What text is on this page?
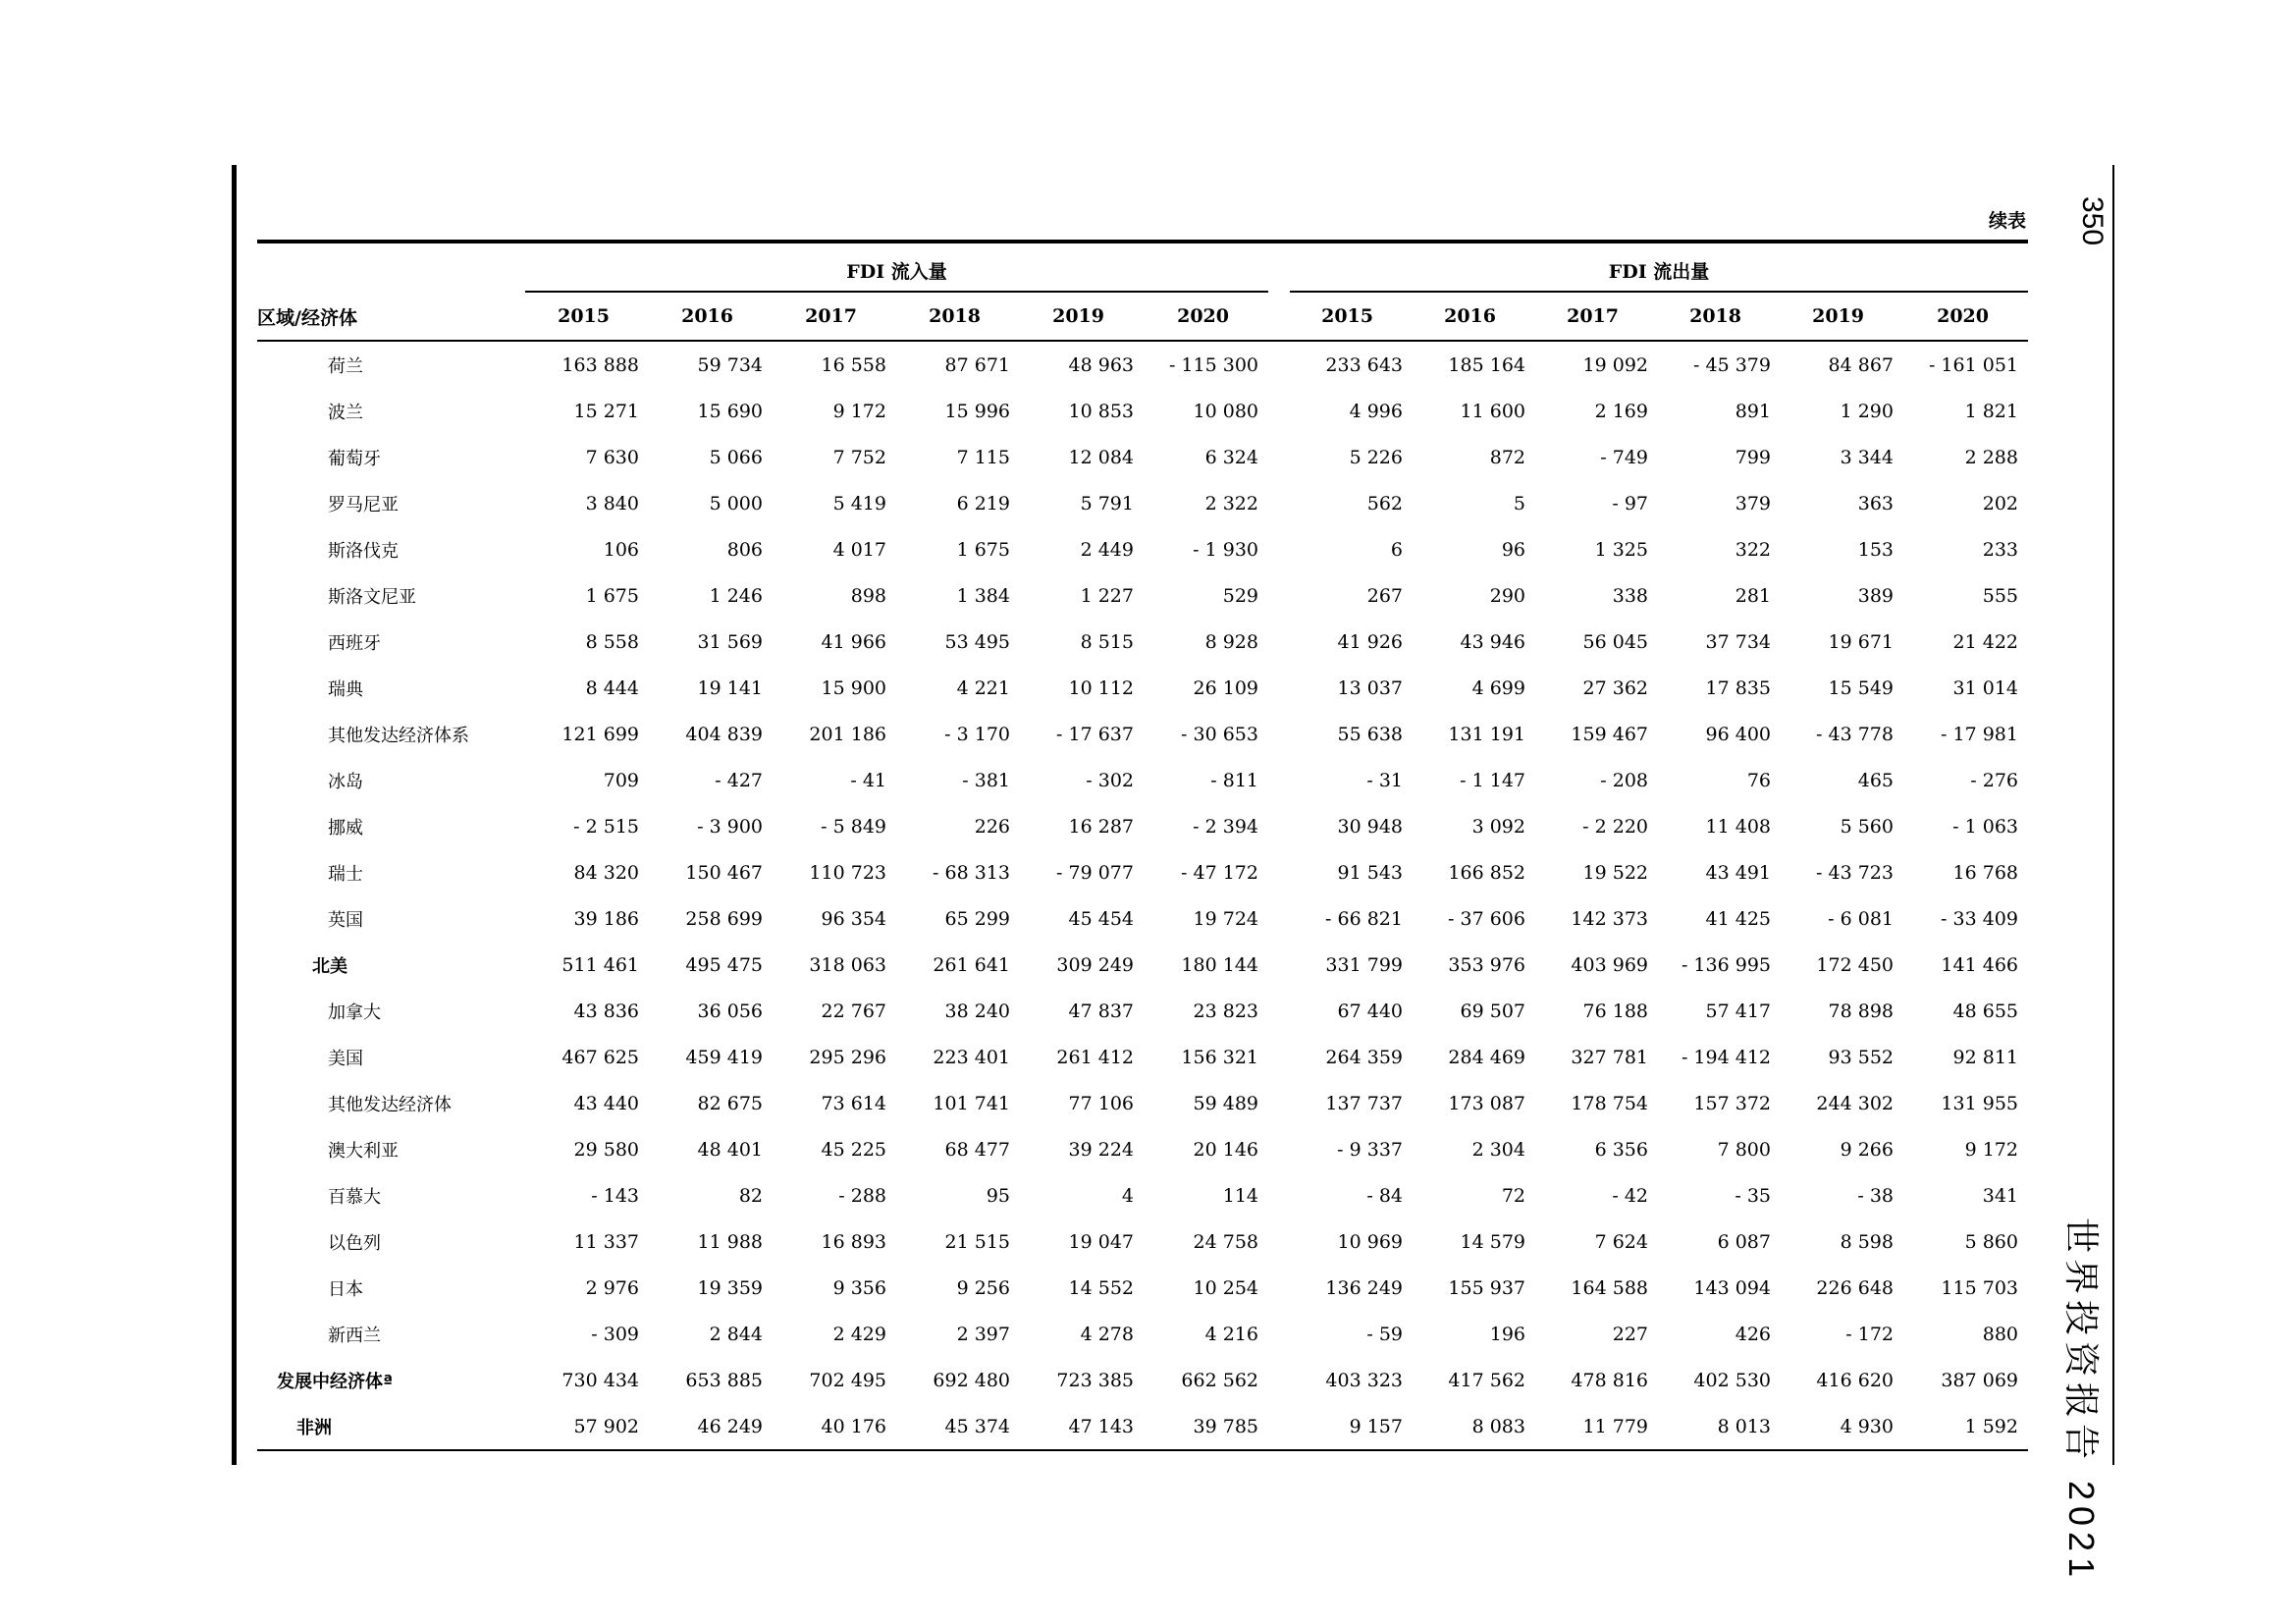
350
世界投资报告 2021
续表
FDI 流入量	FDI 流出量
区域/经济体	2015	2016	2017	2018	2019	2020		2015	2016	2017	2018	2019	2020

荷兰	163 888	59 734	16 558	87 671	48 963	- 115 300		233 643	185 164	19 092	- 45 379	84 867	- 161 051
波兰	15 271	15 690	9 172	15 996	10 853	10 080		4 996	11 600	2 169	891	1 290	1 821
葡萄牙	7 630	5 066	7 752	7 115	12 084	6 324		5 226	872	- 749	799	3 344	2 288
罗马尼亚	3 840	5 000	5 419	6 219	5 791	2 322		562	5	- 97	379	363	202
斯洛伐克	106	806	4 017	1 675	2 449	- 1 930		6	96	1 325	322	153	233
斯洛文尼亚	1 675	1 246	898	1 384	1 227	529		267	290	338	281	389	555
西班牙	8 558	31 569	41 966	53 495	8 515	8 928		41 926	43 946	56 045	37 734	19 671	21 422
瑞典	8 444	19 141	15 900	4 221	10 112	26 109		13 037	4 699	27 362	17 835	15 549	31 014
其他发达经济体系	121 699	404 839	201 186	- 3 170	- 17 637	- 30 653		55 638	131 191	159 467	96 400	- 43 778	- 17 981
冰岛	709	- 427	- 41	- 381	- 302	- 811		- 31	- 1 147	- 208	76	465	- 276
挪威	- 2 515	- 3 900	- 5 849	226	16 287	- 2 394		30 948	3 092	- 2 220	11 408	5 560	- 1 063
瑞士	84 320	150 467	110 723	- 68 313	- 79 077	- 47 172		91 543	166 852	19 522	43 491	- 43 723	16 768
英国	39 186	258 699	96 354	65 299	45 454	19 724		- 66 821	- 37 606	142 373	41 425	- 6 081	- 33 409
北美	511 461	495 475	318 063	261 641	309 249	180 144		331 799	353 976	403 969	- 136 995	172 450	141 466
加拿大	43 836	36 056	22 767	38 240	47 837	23 823		67 440	69 507	76 188	57 417	78 898	48 655
美国	467 625	459 419	295 296	223 401	261 412	156 321		264 359	284 469	327 781	- 194 412	93 552	92 811
其他发达经济体	43 440	82 675	73 614	101 741	77 106	59 489		137 737	173 087	178 754	157 372	244 302	131 955
澳大利亚	29 580	48 401	45 225	68 477	39 224	20 146		- 9 337	2 304	6 356	7 800	9 266	9 172
百慕大	- 143	82	- 288	95	4	114		- 84	72	- 42	- 35	- 38	341
以色列	11 337	11 988	16 893	21 515	19 047	24 758		10 969	14 579	7 624	6 087	8 598	5 860
日本	2 976	19 359	9 356	9 256	14 552	10 254		136 249	155 937	164 588	143 094	226 648	115 703
新西兰	- 309	2 844	2 429	2 397	4 278	4 216		- 59	196	227	426	- 172	880
发展中经济体ª	730 434	653 885	702 495	692 480	723 385	662 562		403 323	417 562	478 816	402 530	416 620	387 069
非洲	57 902	46 249	40 176	45 374	47 143	39 785		9 157	8 083	11 779	8 013	4 930	1 592
